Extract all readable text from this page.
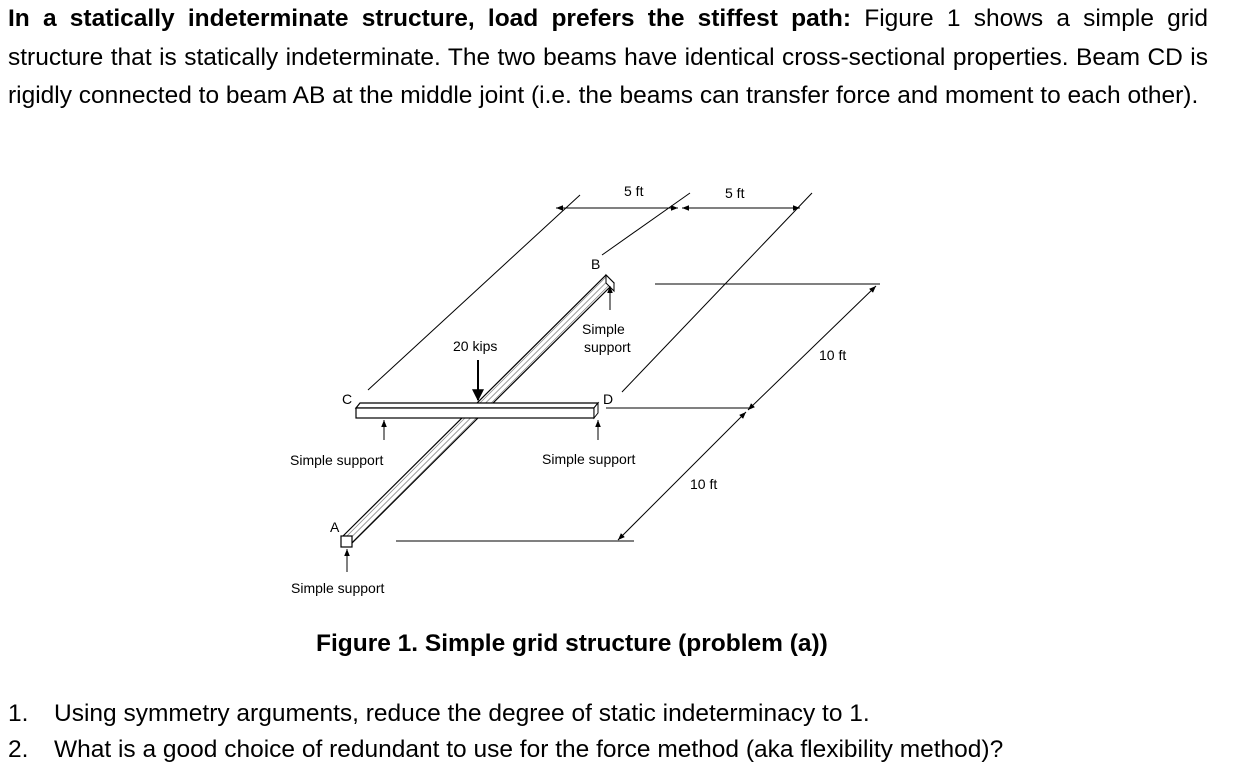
In a statically indeterminate structure, load prefers the stiffest path: Figure 1 shows a simple grid structure that is statically indeterminate. The two beams have identical cross-sectional properties. Beam CD is rigidly connected to beam AB at the middle joint (i.e. the beams can transfer force and moment to each other).

5 ft	5 ft
10 ft
10 ft
B
Simple
support
20 kips
C	D
Simple support	Simple support
A
Simple support

Figure 1. Simple grid structure (problem (a))

1.	Using symmetry arguments, reduce the degree of static indeterminacy to 1.
2.	What is a good choice of redundant to use for the force method (aka flexibility method)?
